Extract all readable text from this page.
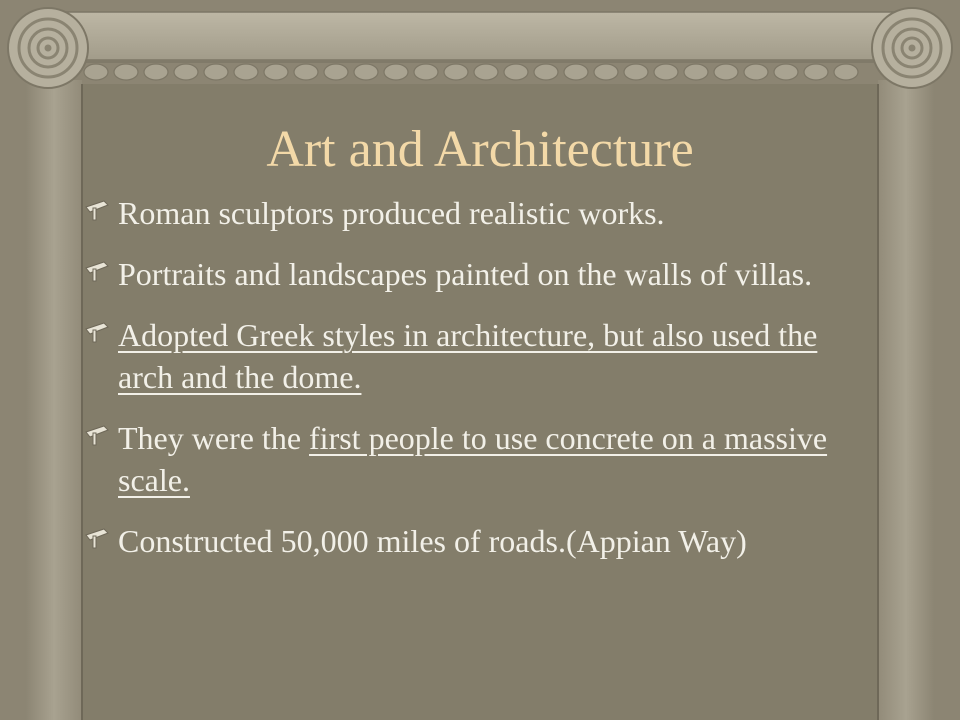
Art and Architecture
Roman sculptors produced realistic works.
Portraits and landscapes painted on the walls of villas.
Adopted Greek styles in architecture, but also used the arch and the dome.
They were the first people to use concrete on a massive scale.
Constructed 50,000 miles of roads.(Appian Way)
